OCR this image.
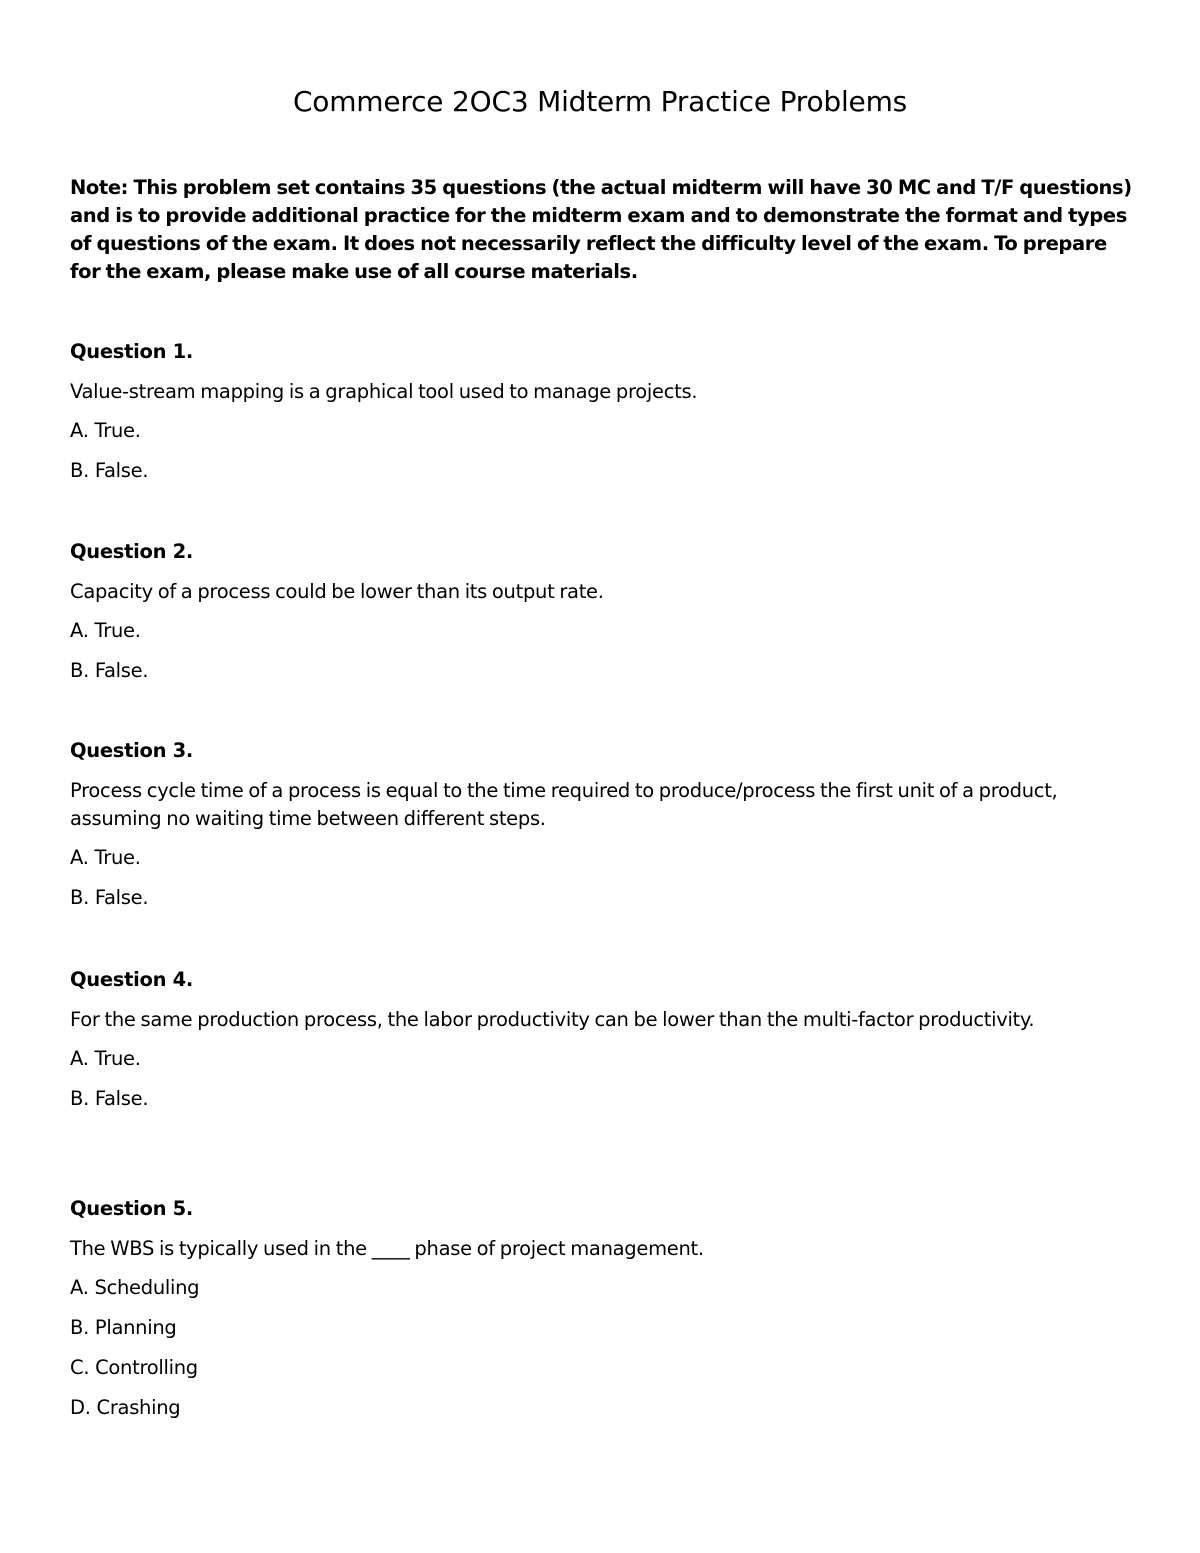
Commerce 2OC3 Midterm Practice Problems
Note: This problem set contains 35 questions (the actual midterm will have 30 MC and T/F questions) and is to provide additional practice for the midterm exam and to demonstrate the format and types of questions of the exam. It does not necessarily reflect the difficulty level of the exam. To prepare for the exam, please make use of all course materials.
Question 1.
Value-stream mapping is a graphical tool used to manage projects.
A. True.
B. False.
Question 2.
Capacity of a process could be lower than its output rate.
A. True.
B. False.
Question 3.
Process cycle time of a process is equal to the time required to produce/process the first unit of a product, assuming no waiting time between different steps.
A. True.
B. False.
Question 4.
For the same production process, the labor productivity can be lower than the multi-factor productivity.
A. True.
B. False.
Question 5.
The WBS is typically used in the ____ phase of project management.
A. Scheduling
B. Planning
C. Controlling
D. Crashing
